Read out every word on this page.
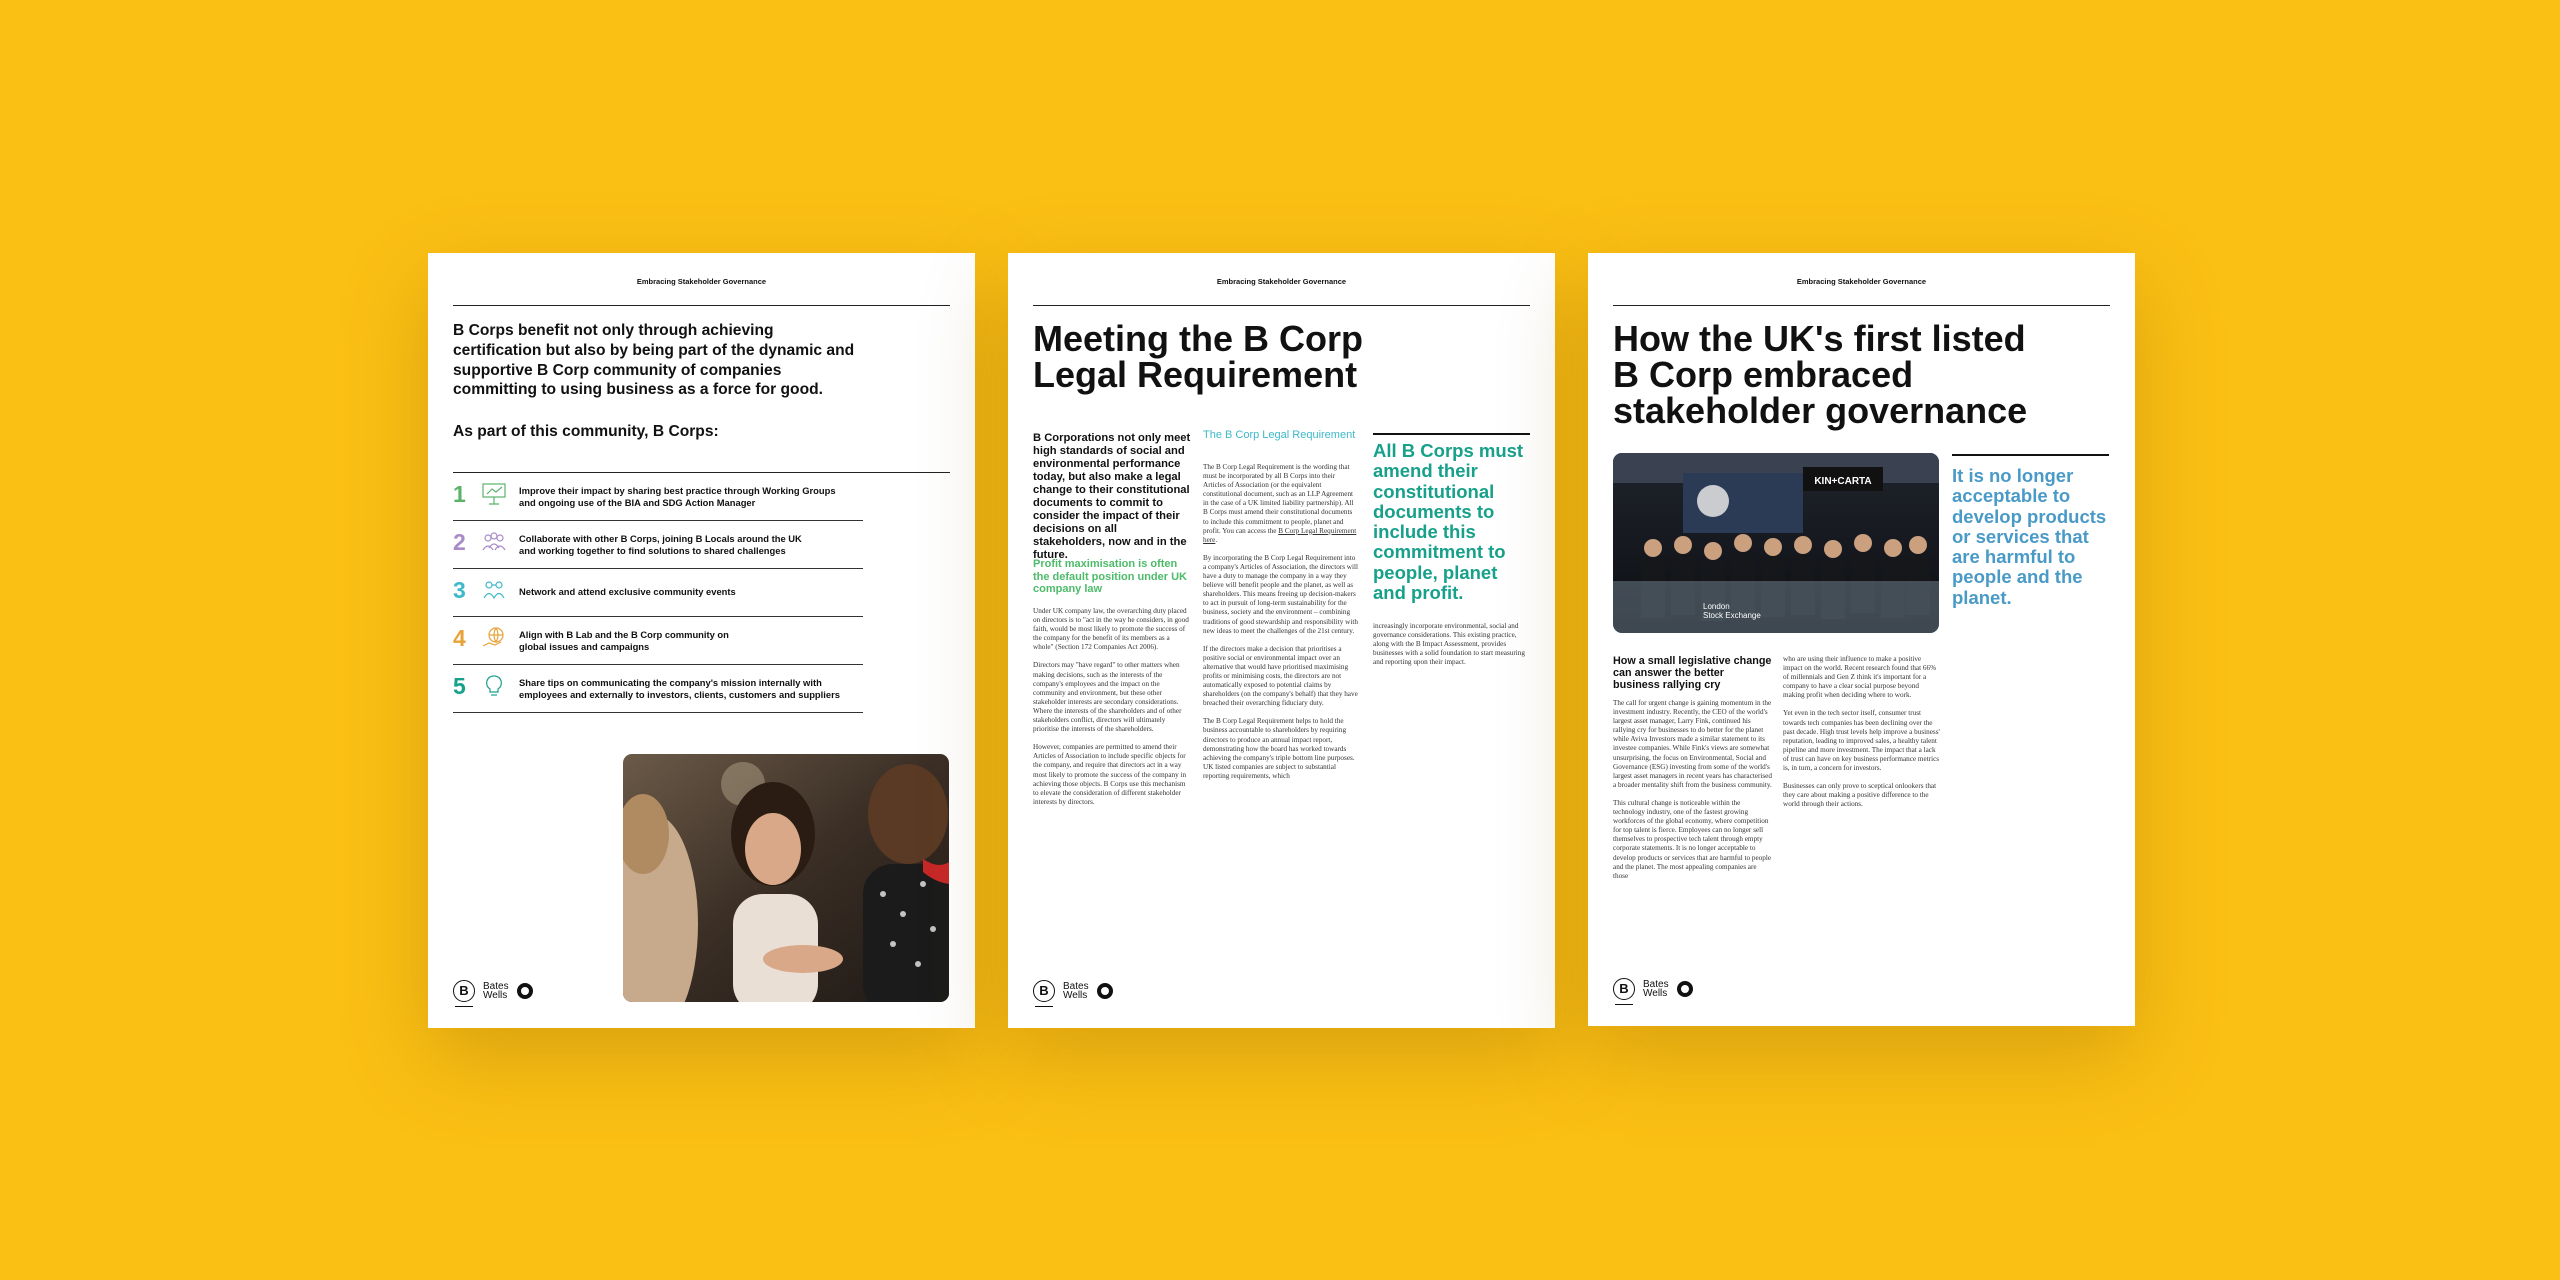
Embracing Stakeholder Governance
B Corps benefit not only through achieving certification but also by being part of the dynamic and supportive B Corp community of companies committing to using business as a force for good.
As part of this community, B Corps:
1	Improve their impact by sharing best practice through Working Groups
and ongoing use of the BIA and SDG Action Manager
2	Collaborate with other B Corps, joining B Locals around the UK
and working together to find solutions to shared challenges
3	Network and attend exclusive community events
4	Align with B Lab and the B Corp community on
global issues and campaigns
5	Share tips on communicating the company's mission internally with
employees and externally to investors, clients, customers and suppliers
B	Bates
Wells
Embracing Stakeholder Governance
Meeting the B Corp
Legal Requirement
B Corporations not only meet high standards of social and environmental performance today, but also make a legal change to their constitutional documents to commit to consider the impact of their decisions on all stakeholders, now and in the future.
Profit maximisation is often the default position under UK company law

Under UK company law, the overarching duty placed on directors is to "act in the way he considers, in good faith, would be most likely to promote the success of the company for the benefit of its members as a whole" (Section 172 Companies Act 2006).

Directors may "have regard" to other matters when making decisions, such as the interests of the company's employees and the impact on the community and environment, but these other stakeholder interests are secondary considerations. Where the interests of the shareholders and of other stakeholders conflict, directors will ultimately prioritise the interests of the shareholders.

However, companies are permitted to amend their Articles of Association to include specific objects for the company, and require that directors act in a way most likely to promote the success of the company in achieving those objects. B Corps use this mechanism to elevate the consideration of different stakeholder interests by directors.

The B Corp Legal Requirement

The B Corp Legal Requirement is the wording that must be incorporated by all B Corps into their Articles of Association (or the equivalent constitutional document, such as an LLP Agreement in the case of a UK limited liability partnership). All B Corps must amend their constitutional documents to include this commitment to people, planet and profit. You can access the B Corp Legal Requirement here.

By incorporating the B Corp Legal Requirement into a company's Articles of Association, the directors will have a duty to manage the company in a way they believe will benefit people and the planet, as well as shareholders. This means freeing up decision-makers to act in pursuit of long-term sustainability for the business, society and the environment – combining traditions of good stewardship and responsibility with new ideas to meet the challenges of the 21st century.

If the directors make a decision that prioritises a positive social or environmental impact over an alternative that would have prioritised maximising profits or minimising costs, the directors are not automatically exposed to potential claims by shareholders (on the company's behalf) that they have breached their overarching fiduciary duty.

The B Corp Legal Requirement helps to hold the business accountable to shareholders by requiring directors to produce an annual impact report, demonstrating how the board has worked towards achieving the company's triple bottom line purposes. UK listed companies are subject to substantial reporting requirements, which

All B Corps must amend their constitutional documents to include this commitment to people, planet and profit.

increasingly incorporate environmental, social and governance considerations. This existing practice, along with the B Impact Assessment, provides businesses with a solid foundation to start measuring and reporting upon their impact.

B	Bates
Wells
Embracing Stakeholder Governance
How the UK's first listed
B Corp embraced
stakeholder governance
KIN+CARTA
London Stock Exchange
It is no longer acceptable to develop products or services that are harmful to people and the planet.
How a small legislative change can answer the better business rallying cry

The call for urgent change is gaining momentum in the investment industry. Recently, the CEO of the world's largest asset manager, Larry Fink, continued his rallying cry for businesses to do better for the planet while Aviva Investors made a similar statement to its investee companies. While Fink's views are somewhat unsurprising, the focus on Environmental, Social and Governance (ESG) investing from some of the world's largest asset managers in recent years has characterised a broader mentality shift from the business community.

This cultural change is noticeable within the technology industry, one of the fastest growing workforces of the global economy, where competition for top talent is fierce. Employees can no longer sell themselves to prospective tech talent through empty corporate statements. It is no longer acceptable to develop products or services that are harmful to people and the planet. The most appealing companies are those

who are using their influence to make a positive impact on the world. Recent research found that 66% of millennials and Gen Z think it's important for a company to have a clear social purpose beyond making profit when deciding where to work.

Yet even in the tech sector itself, consumer trust towards tech companies has been declining over the past decade. High trust levels help improve a business' reputation, leading to improved sales, a healthy talent pipeline and more investment. The impact that a lack of trust can have on key business performance metrics is, in turn, a concern for investors.

Businesses can only prove to sceptical onlookers that they care about making a positive difference to the world through their actions.

B	Bates
Wells
